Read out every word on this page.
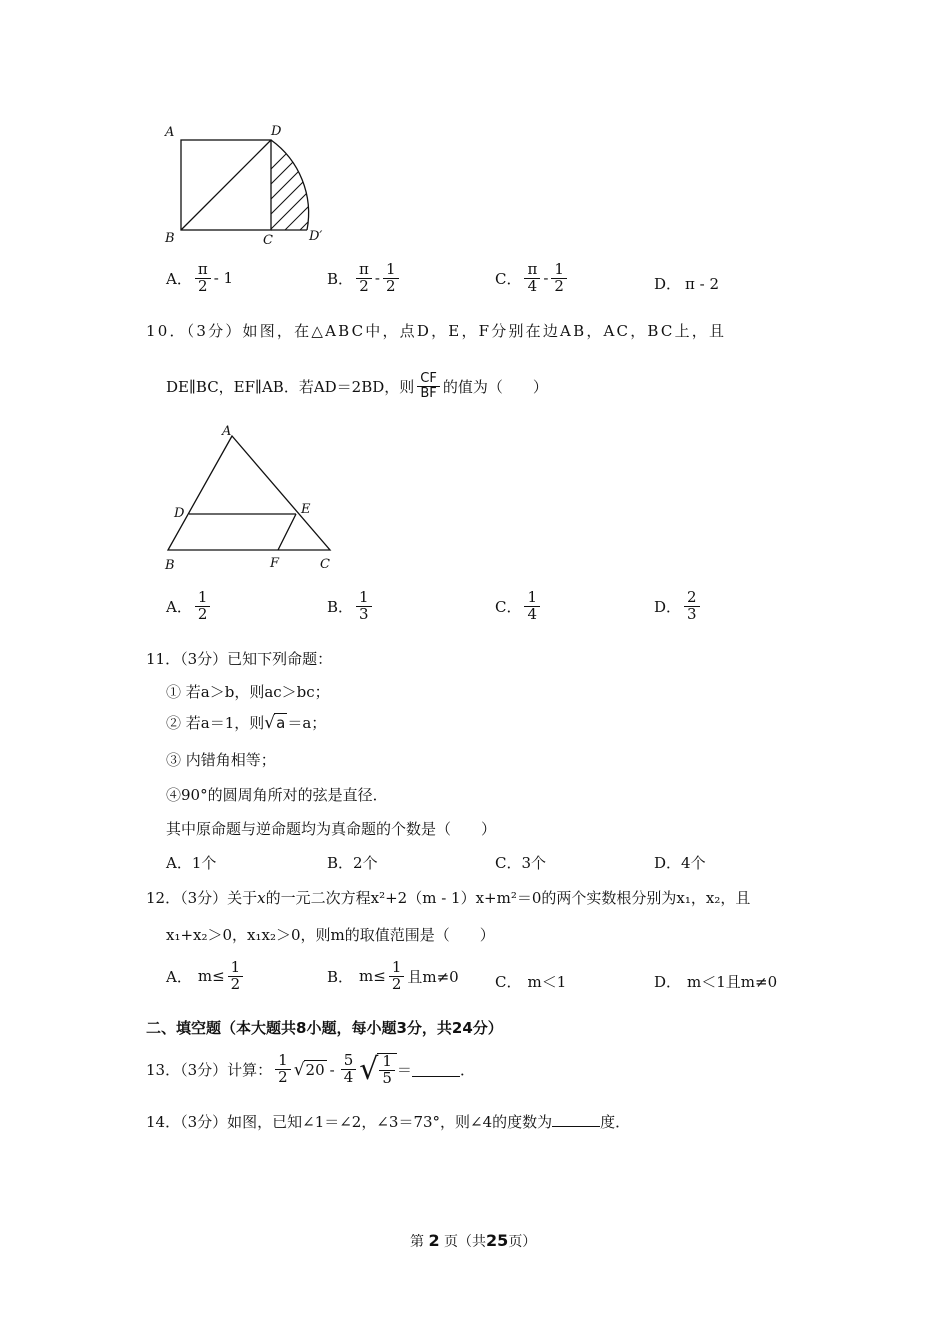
A	D
B	C	D′
A． $\frac{\pi}{2} - 1$	B． $\frac{\pi}{2} - \frac{1}{2}$	C． $\frac{\pi}{4} - \frac{1}{2}$	D． π - 2
10．（3分）如图，在△ABC中，点D，E，F分别在边AB，AC，BC上，且
DE∥BC，EF∥AB．若AD＝2BD，则 $\frac{CF}{BF}$ 的值为（　　）
A
D	E
B	F	C
A． $\frac{1}{2}$	B． $\frac{1}{3}$	C． $\frac{1}{4}$	D． $\frac{2}{3}$
11．（3分）已知下列命题：
① 若a＞b，则ac＞bc；
② 若a＝1，则 √ a ＝a；
③ 内错角相等；
④90°的圆周角所对的弦是直径．
其中原命题与逆命题均为真命题的个数是（　　）
A．1个	B．2个	C．3个	D．4个
12．（3分）关于x的一元二次方程x²+2（m - 1）x+m²＝0的两个实数根分别为x₁，x₂，且
x₁+x₂＞0，x₁x₂＞0，则m的取值范围是（　　）
A． $m\le \frac{1}{2}$	B． $m\le \frac{1}{2}$ 且m≠0 C． m＜1	D． m＜1且m≠0
二、填空题（本大题共8小题，每小题3分，共24分）
13．（3分）计算： $\frac{1}{2}$ √ $20 - \frac{5}{4}$ √ $\frac{1}{5}$ ＝	．
14．（3分）如图，已知∠1＝∠2，∠3＝73°，则∠4的度数为	度．
第 2 页（共25页）
